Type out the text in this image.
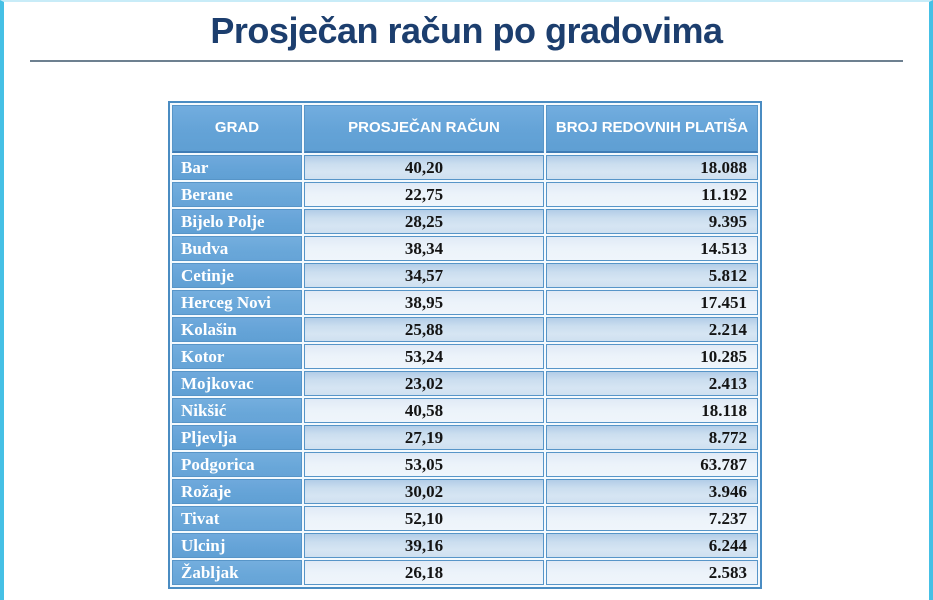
Prosječan račun po gradovima
GRAD	PROSJEČAN RAČUN	BROJ REDOVNIH PLATIŠA
Bar	40,20	18.088
Berane	22,75	11.192
Bijelo Polje	28,25	9.395
Budva	38,34	14.513
Cetinje	34,57	5.812
Herceg Novi	38,95	17.451
Kolašin	25,88	2.214
Kotor	53,24	10.285
Mojkovac	23,02	2.413
Nikšić	40,58	18.118
Pljevlja	27,19	8.772
Podgorica	53,05	63.787
Rožaje	30,02	3.946
Tivat	52,10	7.237
Ulcinj	39,16	6.244
Žabljak	26,18	2.583
